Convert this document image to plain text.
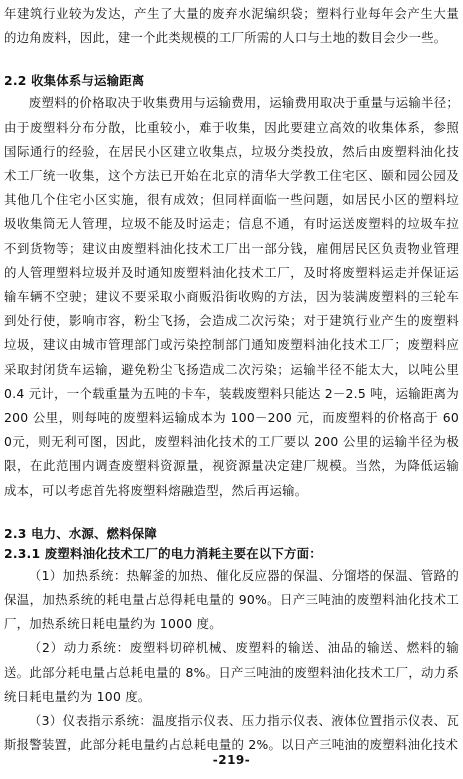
年建筑行业较为发达，产生了大量的废弃水泥编织袋；塑料行业每年会产生大量的边角废料，因此，建一个此类规模的工厂所需的人口与土地的数目会少一些。

2.2 收集体系与运输距离

废塑料的价格取决于收集费用与运输费用，运输费用取决于重量与运输半径；由于废塑料分布分散，比重较小，难于收集，因此要建立高效的收集体系，参照国际通行的经验，在居民小区建立收集点，垃圾分类投放，然后由废塑料油化技术工厂统一收集，这个方法已开始在北京的清华大学教工住宅区、颐和园公园及其他几个住宅小区实施，很有成效；但同样面临一些问题，如居民小区的塑料垃圾收集筒无人管理，垃圾不能及时运走；信息不通，有时运送废塑料的垃圾车拉不到货物等；建议由废塑料油化技术工厂出一部分钱，雇佣居民区负责物业管理的人管理塑料垃圾并及时通知废塑料油化技术工厂，及时将废塑料运走并保证运输车辆不空驶；建议不要采取小商贩沿街收购的方法，因为装满废塑料的三轮车到处行使，影响市容，粉尘飞扬，会造成二次污染；对于建筑行业产生的废塑料垃圾，建议由城市管理部门或污染控制部门通知废塑料油化技术工厂；废塑料应采取封闭货车运输，避免粉尘飞扬造成二次污染；运输半径不能太大，以吨公里 0.4 元计，一个载重量为五吨的卡车，装载废塑料只能达 2－2.5 吨，运输距离为 200 公里，则每吨的废塑料运输成本为 100－200 元，而废塑料的价格高于 600元，则无利可图，因此，废塑料油化技术的工厂要以 200 公里的运输半径为极限，在此范围内调查废塑料资源量，视资源量决定建厂规模。当然，为降低运输成本，可以考虑首先将废塑料熔融造型，然后再运输。

2.3 电力、水源、燃料保障
2.3.1 废塑料油化技术工厂的电力消耗主要在以下方面：

（1）加热系统：热解釜的加热、催化反应器的保温、分馏塔的保温、管路的保温，加热系统的耗电量占总得耗电量的 90%。日产三吨油的废塑料油化技术工厂，加热系统日耗电量约为 1000 度。

（2）动力系统：废塑料切碎机械、废塑料的输送、油品的输送、燃料的输送。此部分耗电量占总耗电量的 8%。日产三吨油的废塑料油化技术工厂，动力系统日耗电量约为 100 度。

（3）仪表指示系统：温度指示仪表、压力指示仪表、液体位置指示仪表、瓦斯报警装置，此部分耗电量约占总耗电量的 2%。以日产三吨油的废塑料油化技术

-219-
